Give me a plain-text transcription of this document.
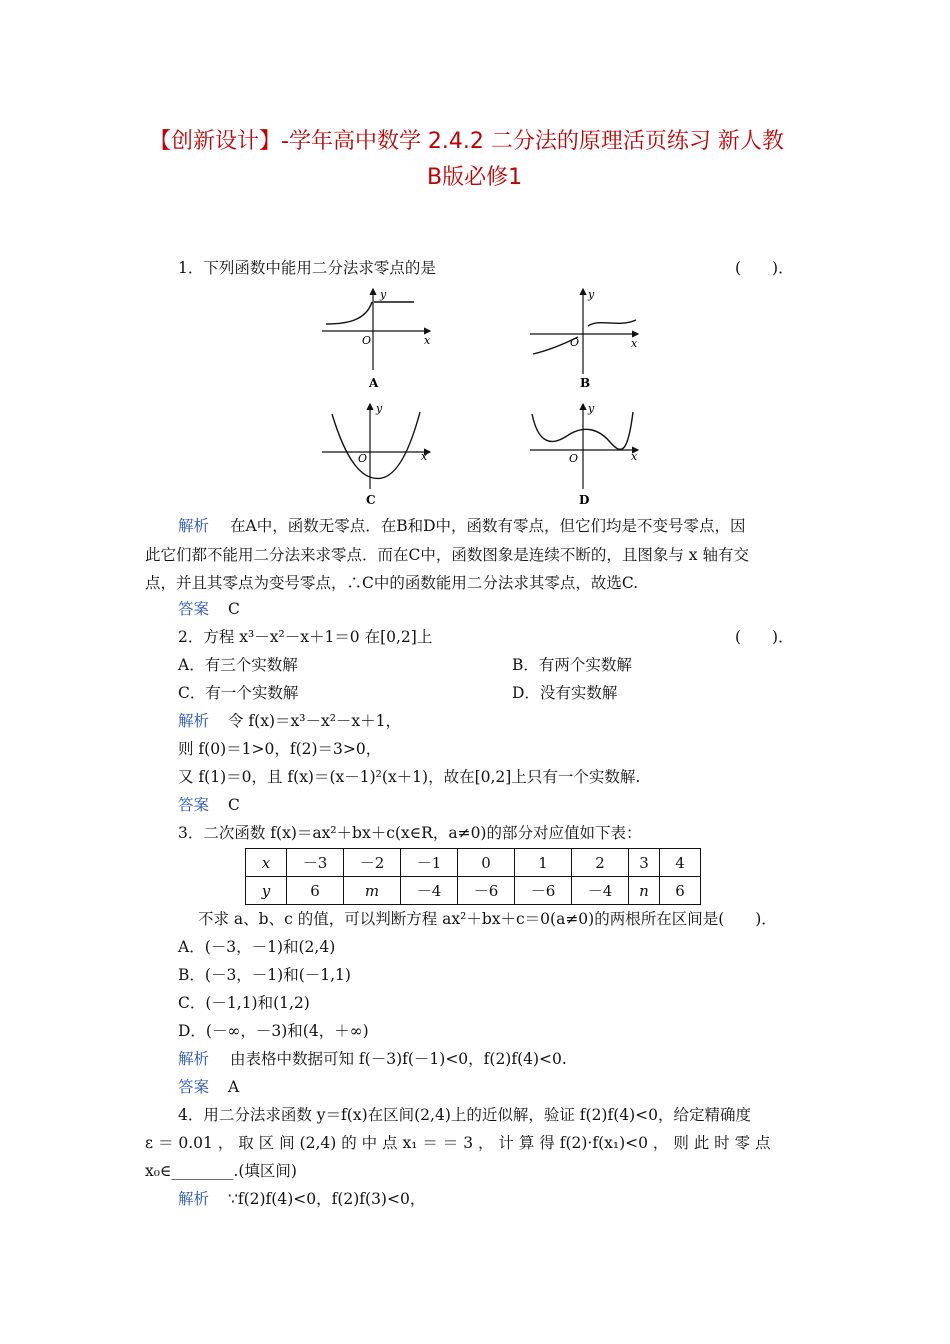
【创新设计】-学年高中数学 2.4.2 二分法的原理活页练习 新人教
B版必修1
1．下列函数中能用二分法求零点的是	(　　)．
y
x
O
A
y
x
O
B
y
x
O
C
y
x
O
D
解析 在A中，函数无零点．在B和D中，函数有零点，但它们均是不变号零点，因
此它们都不能用二分法来求零点．而在C中，函数图象是连续不断的，且图象与 x 轴有交
点，并且其零点为变号零点，∴C中的函数能用二分法求其零点，故选C.
答案 C
2．方程 x³－x²－x＋1＝0 在[0,2]上	(　　)．
A．有三个实数解	B．有两个实数解
C．有一个实数解	D．没有实数解
解析 令 f(x)＝x³－x²－x＋1，
则 f(0)＝1>0，f(2)＝3>0，
又 f(1)＝0，且 f(x)＝(x－1)²(x＋1)，故在[0,2]上只有一个实数解.
答案 C
3．二次函数 f(x)＝ax²＋bx＋c(x∈R，a≠0)的部分对应值如下表：
x	－3	－2	－1	0	1	2	3	4
y	6	m	－4	－6	－6	－4	n	6
不求 a、b、c 的值，可以判断方程 ax²＋bx＋c＝0(a≠0)的两根所在区间是(　　)．
A．(－3，－1)和(2,4)
B．(－3，－1)和(－1,1)
C．(－1,1)和(1,2)
D．(－∞，－3)和(4，＋∞)
解析 由表格中数据可知 f(－3)f(－1)<0，f(2)f(4)<0.
答案 A
4．用二分法求函数 y＝f(x)在区间(2,4)上的近似解，验证 f(2)f(4)<0，给定精确度
ε ＝ 0.01 ， 取 区 间 (2,4) 的 中 点 x₁ ＝ ＝ 3 ， 计 算 得 f(2)·f(x₁)<0 ， 则 此 时 零 点
x₀∈________.(填区间)
解析 ∵f(2)f(4)<0，f(2)f(3)<0，
